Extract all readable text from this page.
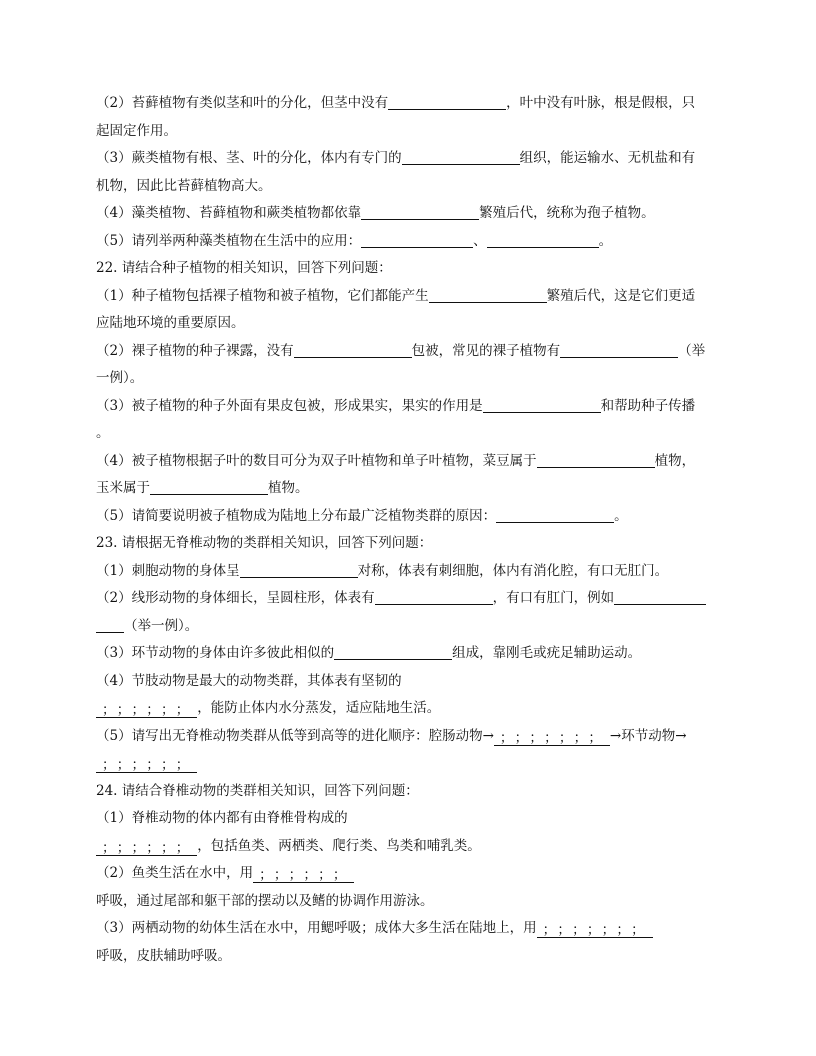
（2）苔藓植物有类似茎和叶的分化，但茎中没有	，叶中没有叶脉，根是假根，只
起固定作用。
（3）蕨类植物有根、茎、叶的分化，体内有专门的	组织，能运输水、无机盐和有
机物，因此比苔藓植物高大。
（4）藻类植物、苔藓植物和蕨类植物都依靠	繁殖后代，统称为孢子植物。
（5）请列举两种藻类植物在生活中的应用：	、	。
22. 请结合种子植物的相关知识，回答下列问题：
（1）种子植物包括裸子植物和被子植物，它们都能产生	繁殖后代，这是它们更适
应陆地环境的重要原因。
（2）裸子植物的种子裸露，没有	包被，常见的裸子植物有	（举
一例）。
（3）被子植物的种子外面有果皮包被，形成果实，果实的作用是	和帮助种子传播
。
（4）被子植物根据子叶的数目可分为双子叶植物和单子叶植物，菜豆属于	植物，
玉米属于	植物。
（5）请简要说明被子植物成为陆地上分布最广泛植物类群的原因：	。
23. 请根据无脊椎动物的类群相关知识，回答下列问题：
（1）刺胞动物的身体呈	对称，体表有刺细胞，体内有消化腔，有口无肛门。
（2）线形动物的身体细长，呈圆柱形，体表有	，有口有肛门，例如
（举一例）。
（3）环节动物的身体由许多彼此相似的	组成，靠刚毛或疣足辅助运动。
（4）节肢动物是最大的动物类群，其体表有坚韧的
；；；；；；，能防止体内水分蒸发，适应陆地生活。
（5）请写出无脊椎动物类群从低等到高等的进化顺序：腔肠动物→ ；；；；；；；→环节动物→
；；；；；；
24. 请结合脊椎动物的类群相关知识，回答下列问题：
（1）脊椎动物的体内都有由脊椎骨构成的
；；；；；；，包括鱼类、两栖类、爬行类、鸟类和哺乳类。
（2）鱼类生活在水中，用 ；；；；；；
呼吸，通过尾部和躯干部的摆动以及鳍的协调作用游泳。
（3）两栖动物的幼体生活在水中，用鳃呼吸；成体大多生活在陆地上，用 ；；；；；；；
呼吸，皮肤辅助呼吸。
